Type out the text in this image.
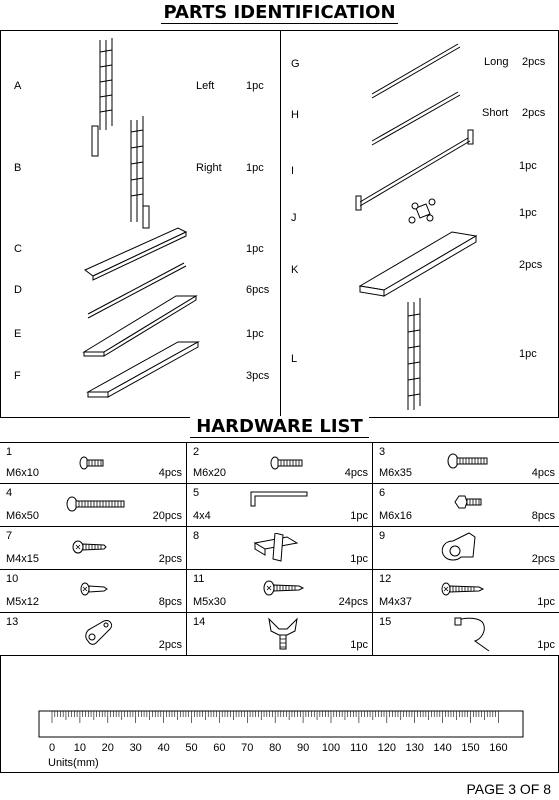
PARTS IDENTIFICATION
A	Left	1pc
B	Right 1pc
C	1pc
D	6pcs
E	1pc
F	3pcs
G	Long 2pcs
H	Short 2pcs
I	1pc
J	1pc
K	2pcs
L	1pc
HARDWARE LIST
1
M6x10	4pcs
2
M6x20	4pcs
3
M6x35	4pcs
4
M6x50	20pcs
5
4x4	1pc
6
M6x16	8pcs
7
M4x15	2pcs
8
1pc
9
2pcs
10
M5x12	8pcs
11
M5x30	24pcs
12
M4x37	1pc
13
2pcs
14
1pc
15
1pc
0 10 20 30 40 50 60 70 80 90 100 110 120 130 140 150 160
Units(mm)
PAGE 3 OF 8
